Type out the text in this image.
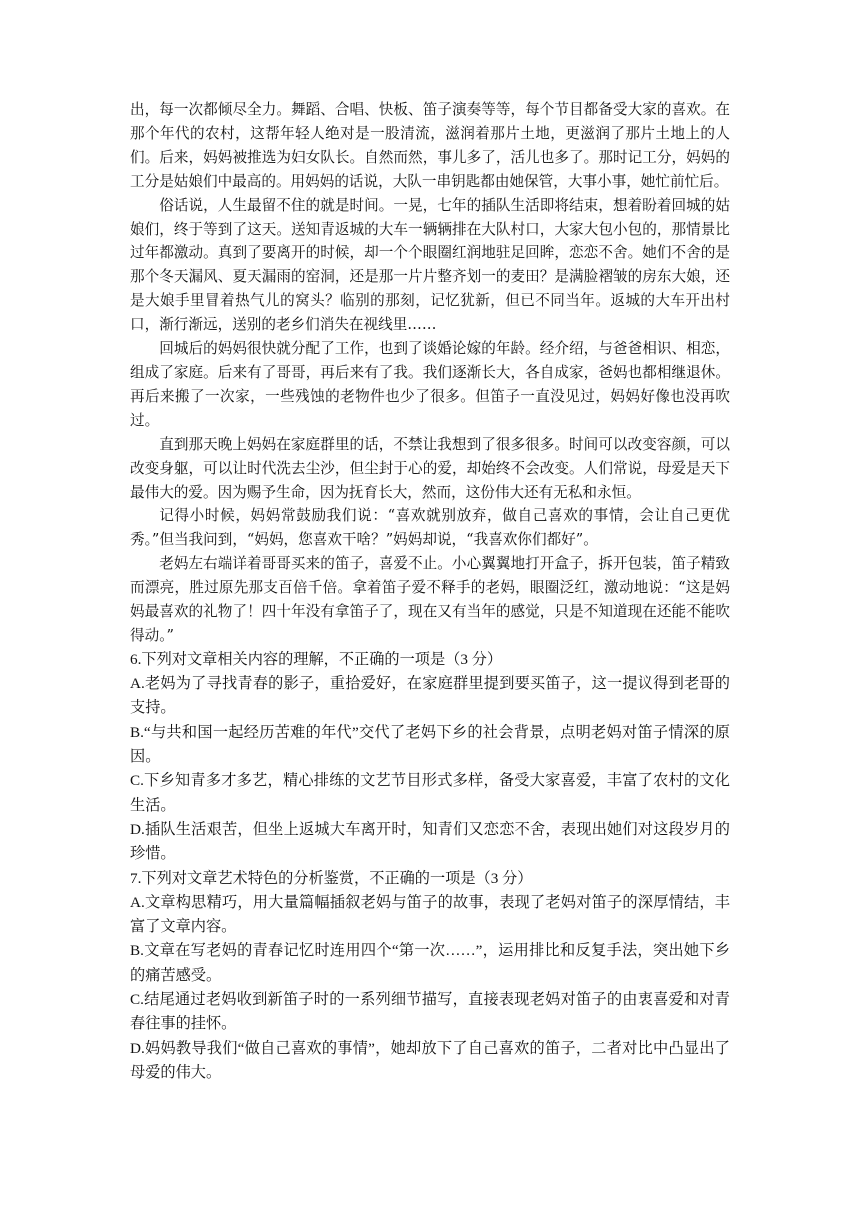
出，每一次都倾尽全力。舞蹈、合唱、快板、笛子演奏等等，每个节目都备受大家的喜欢。在那个年代的农村，这帮年轻人绝对是一股清流，滋润着那片土地，更滋润了那片土地上的人们。后来，妈妈被推选为妇女队长。自然而然，事儿多了，活儿也多了。那时记工分，妈妈的工分是姑娘们中最高的。用妈妈的话说，大队一串钥匙都由她保管，大事小事，她忙前忙后。

俗话说，人生最留不住的就是时间。一晃，七年的插队生活即将结束，想着盼着回城的姑娘们，终于等到了这天。送知青返城的大车一辆辆排在大队村口，大家大包小包的，那情景比过年都激动。真到了要离开的时候，却一个个眼圈红润地驻足回眸，恋恋不舍。她们不舍的是那个冬天漏风、夏天漏雨的窑洞，还是那一片片整齐划一的麦田？是满脸褶皱的房东大娘，还是大娘手里冒着热气儿的窝头？临别的那刻，记忆犹新，但已不同当年。返城的大车开出村口，渐行渐远，送别的老乡们消失在视线里……

回城后的妈妈很快就分配了工作，也到了谈婚论嫁的年龄。经介绍，与爸爸相识、相恋，组成了家庭。后来有了哥哥，再后来有了我。我们逐渐长大，各自成家，爸妈也都相继退休。再后来搬了一次家，一些残蚀的老物件也少了很多。但笛子一直没见过，妈妈好像也没再吹过。

直到那天晚上妈妈在家庭群里的话，不禁让我想到了很多很多。时间可以改变容颜，可以改变身躯，可以让时代洗去尘沙，但尘封于心的爱，却始终不会改变。人们常说，母爱是天下最伟大的爱。因为赐予生命，因为抚育长大，然而，这份伟大还有无私和永恒。

记得小时候，妈妈常鼓励我们说：“喜欢就别放弃，做自己喜欢的事情，会让自己更优秀。”但当我问到，“妈妈，您喜欢干啥？”妈妈却说，“我喜欢你们都好”。

老妈左右端详着哥哥买来的笛子，喜爱不止。小心翼翼地打开盒子，拆开包装，笛子精致而漂亮，胜过原先那支百倍千倍。拿着笛子爱不释手的老妈，眼圈泛红，激动地说：“这是妈妈最喜欢的礼物了！四十年没有拿笛子了，现在又有当年的感觉，只是不知道现在还能不能吹得动。”

6.下列对文章相关内容的理解，不正确的一项是（3 分）

A.老妈为了寻找青春的影子，重拾爱好，在家庭群里提到要买笛子，这一提议得到老哥的支持。

B.“与共和国一起经历苦难的年代”交代了老妈下乡的社会背景，点明老妈对笛子情深的原因。

C.下乡知青多才多艺，精心排练的文艺节目形式多样，备受大家喜爱，丰富了农村的文化生活。

D.插队生活艰苦，但坐上返城大车离开时，知青们又恋恋不舍，表现出她们对这段岁月的珍惜。

7.下列对文章艺术特色的分析鉴赏，不正确的一项是（3 分）

A.文章构思精巧，用大量篇幅插叙老妈与笛子的故事，表现了老妈对笛子的深厚情结，丰富了文章内容。

B.文章在写老妈的青春记忆时连用四个“第一次……”，运用排比和反复手法，突出她下乡的痛苦感受。

C.结尾通过老妈收到新笛子时的一系列细节描写，直接表现老妈对笛子的由衷喜爱和对青春往事的挂怀。

D.妈妈教导我们“做自己喜欢的事情”，她却放下了自己喜欢的笛子，二者对比中凸显出了母爱的伟大。
